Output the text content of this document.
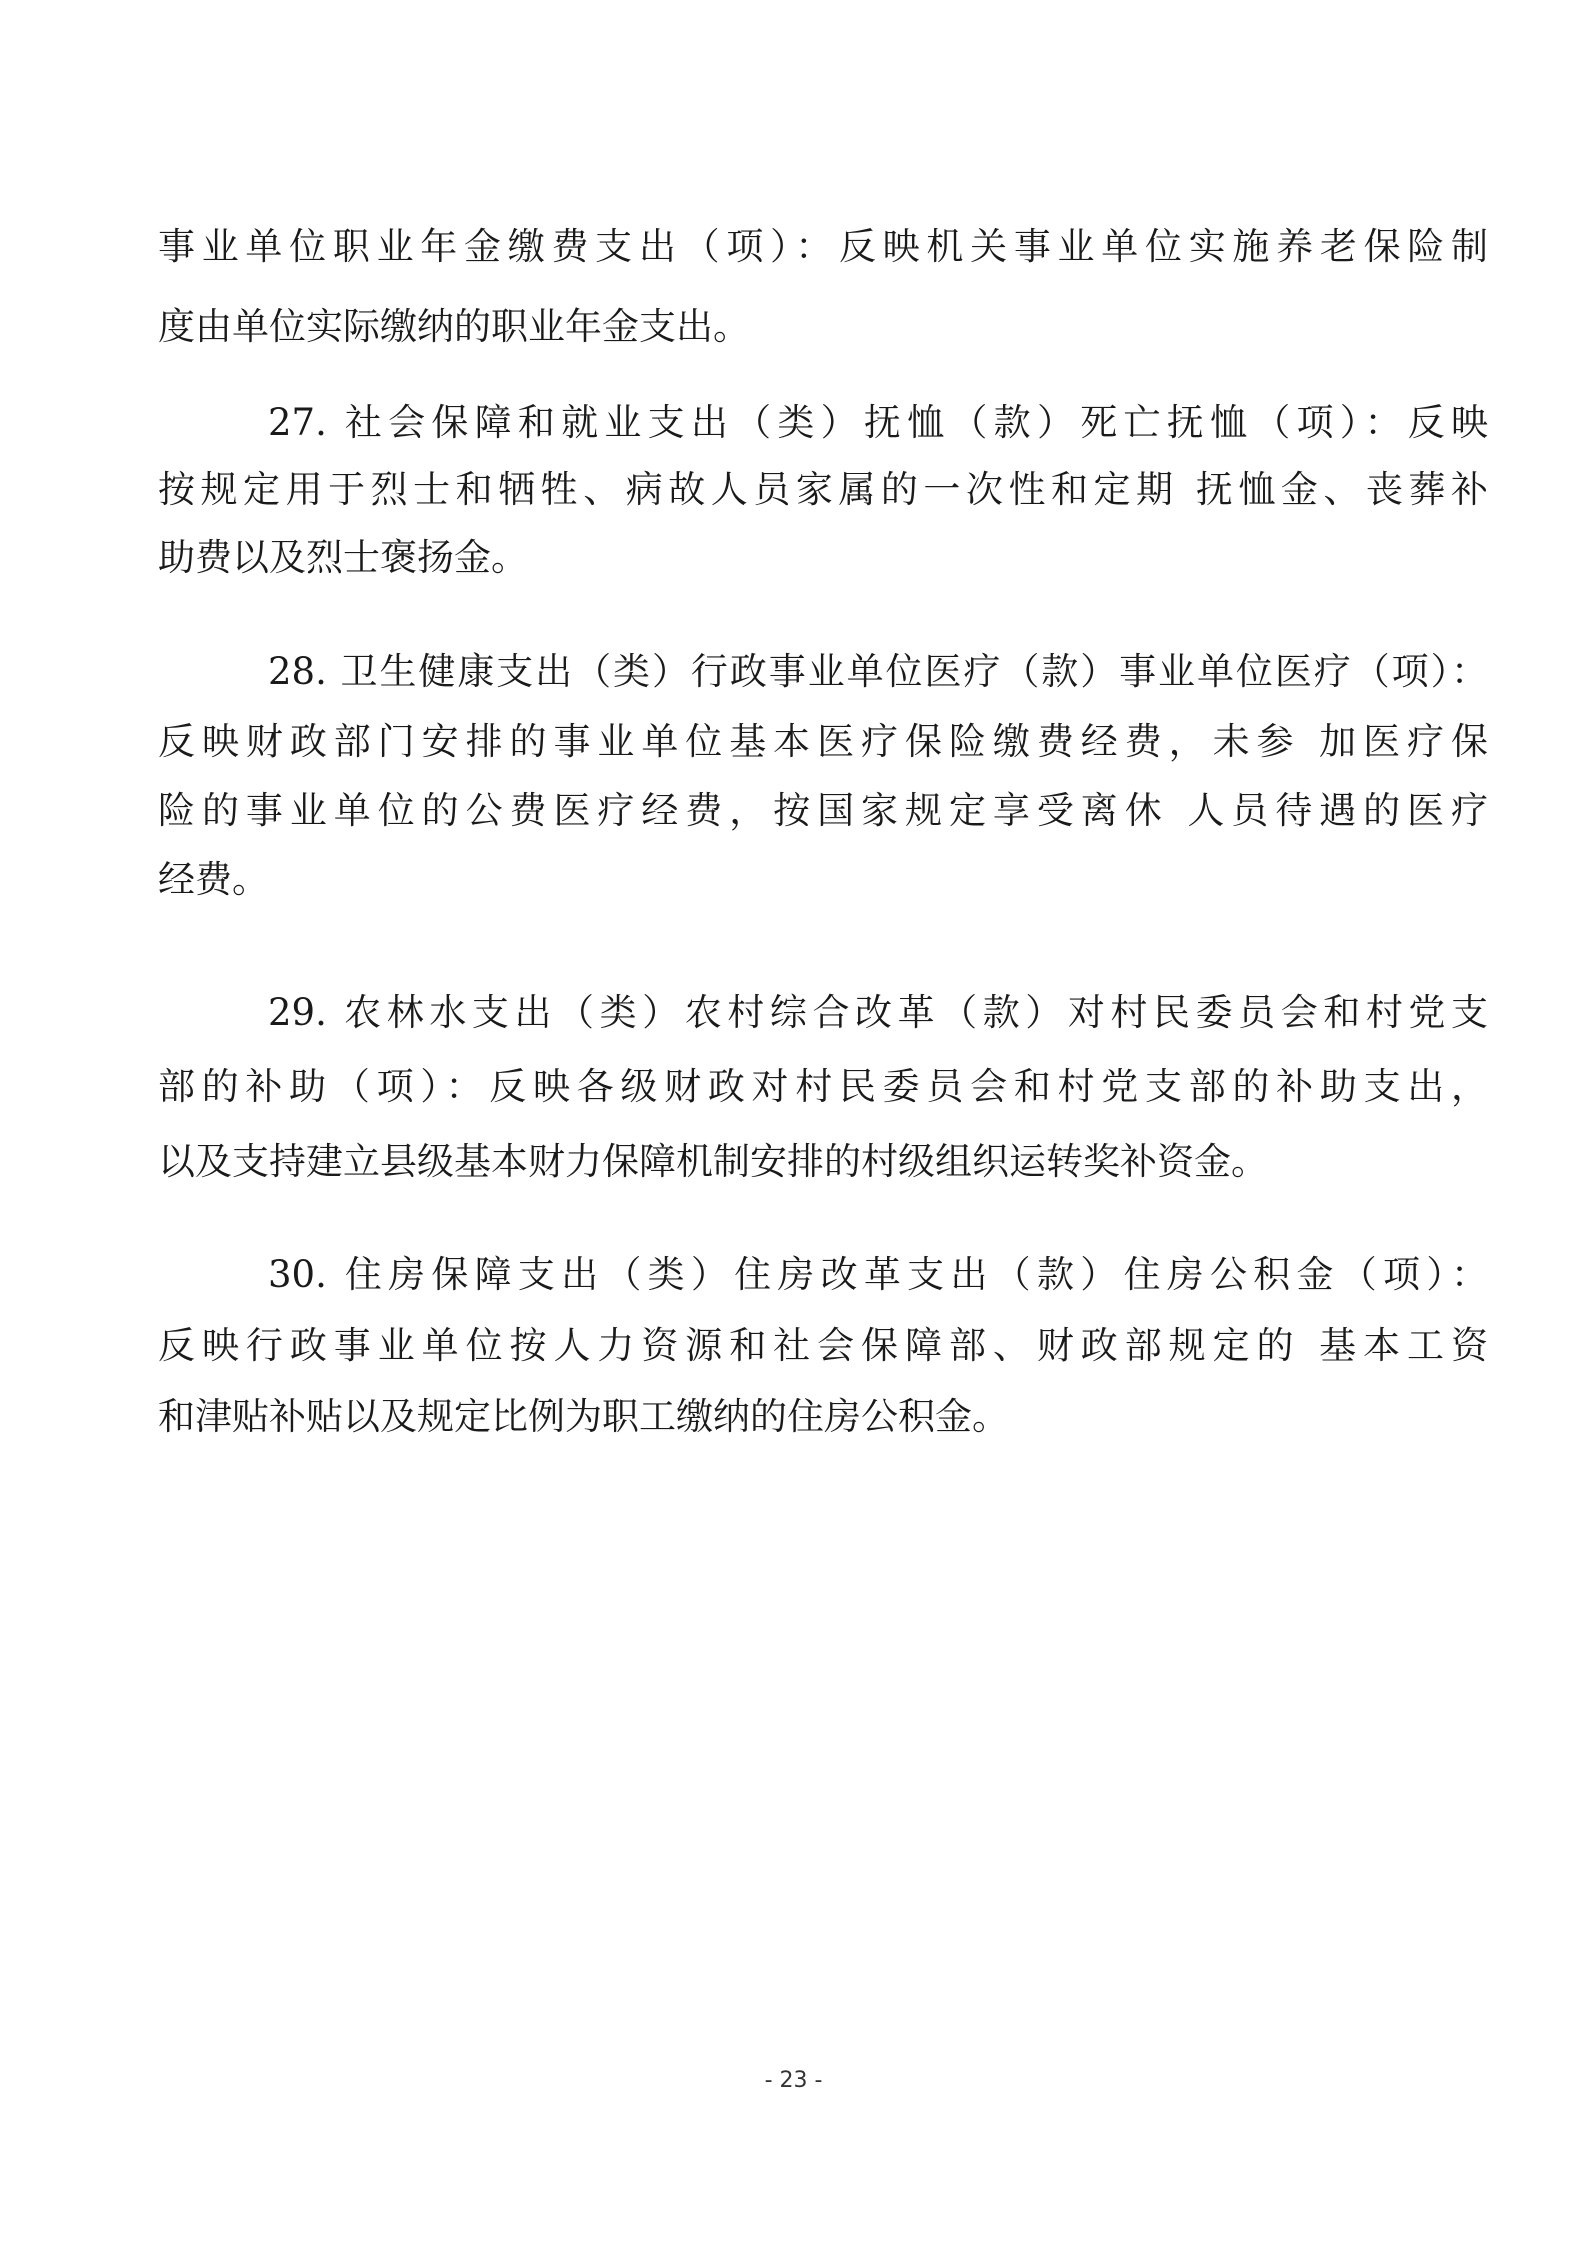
事业单位职业年金缴费支出（项）：反映机关事业单位实施养老保险制
度由单位实际缴纳的职业年金支出。
27. 社会保障和就业支出（类）抚恤（款）死亡抚恤（项）：反映
按规定用于烈士和牺牲、病故人员家属的一次性和定期 抚恤金、丧葬补
助费以及烈士褒扬金。
28. 卫生健康支出（类）行政事业单位医疗（款）事业单位医疗（项）：
反映财政部门安排的事业单位基本医疗保险缴费经费，未参 加医疗保
险的事业单位的公费医疗经费，按国家规定享受离休 人员待遇的医疗
经费。
29. 农林水支出（类）农村综合改革（款）对村民委员会和村党支
部的补助（项）：反映各级财政对村民委员会和村党支部的补助支出，
以及支持建立县级基本财力保障机制安排的村级组织运转奖补资金。
30. 住房保障支出（类）住房改革支出（款）住房公积金（项）：
反映行政事业单位按人力资源和社会保障部、财政部规定的 基本工资
和津贴补贴以及规定比例为职工缴纳的住房公积金。
- 23 -
